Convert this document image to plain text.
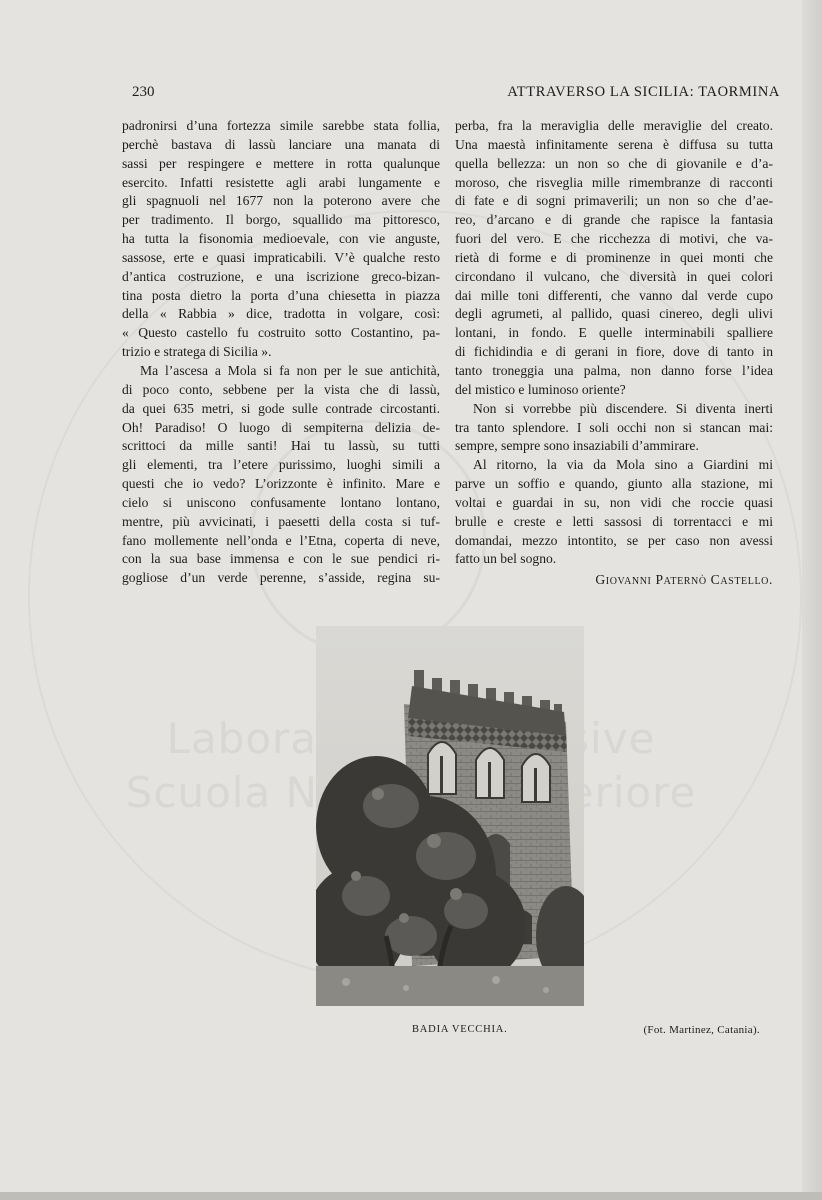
Laboratorio Visive
Scuola Superiore
230	ATTRAVERSO LA SICILIA: TAORMINA
padronirsi d’una fortezza simile sarebbe stata follia,
perchè bastava di lassù lanciare una manata di
sassi per respingere e mettere in rotta qualunque
esercito. Infatti resistette agli arabi lungamente e
gli spagnuoli nel 1677 non la poterono avere che
per tradimento. Il borgo, squallido ma pittoresco,
ha tutta la fisonomia medioevale, con vie anguste,
sassose, erte e quasi impraticabili. V’è qualche resto
d’antica costruzione, e una iscrizione greco-bizan-
tina posta dietro la porta d’una chiesetta in piazza
della « Rabbia » dice, tradotta in volgare, così:
« Questo castello fu costruito sotto Costantino, pa-
trizio e stratega di Sicilia ».
Ma l’ascesa a Mola si fa non per le sue antichità,
di poco conto, sebbene per la vista che di lassù,
da quei 635 metri, si gode sulle contrade circostanti.
Oh! Paradiso! O luogo di sempiterna delizia de-
scrittoci da mille santi! Hai tu lassù, su tutti
gli elementi, tra l’etere purissimo, luoghi simili a
questi che io vedo? L’orizzonte è infinito. Mare e
cielo si uniscono confusamente lontano lontano,
mentre, più avvicinati, i paesetti della costa si tuf-
fano mollemente nell’onda e l’Etna, coperta di neve,
con la sua base immensa e con le sue pendici ri-
gogliose d’un verde perenne, s’asside, regina su-
perba, fra la meraviglia delle meraviglie del creato.
Una maestà infinitamente serena è diffusa su tutta
quella bellezza: un non so che di giovanile e d’a-
moroso, che risveglia mille rimembranze di racconti
di fate e di sogni primaverili; un non so che d’ae-
reo, d’arcano e di grande che rapisce la fantasia
fuori del vero. E che ricchezza di motivi, che va-
rietà di forme e di prominenze in quei monti che
circondano il vulcano, che diversità in quei colori
dai mille toni differenti, che vanno dal verde cupo
degli agrumeti, al pallido, quasi cinereo, degli ulivi
lontani, in fondo. E quelle interminabili spalliere
di fichidindia e di gerani in fiore, dove di tanto in
tanto troneggia una palma, non danno forse l’idea
del mistico e luminoso oriente?
Non si vorrebbe più discendere. Si diventa inerti
tra tanto splendore. I soli occhi non si stancan mai:
sempre, sempre sono insaziabili d’ammirare.
Al ritorno, la via da Mola sino a Giardini mi
parve un soffio e quando, giunto alla stazione, mi
voltai e guardai in su, non vidi che roccie quasi
brulle e creste e letti sassosi di torrentacci e mi
domandai, mezzo intontito, se per caso non avessi
fatto un bel sogno.
Giovanni Paternò Castello.
BADIA VECCHIA.	(Fot. Martinez, Catania).
